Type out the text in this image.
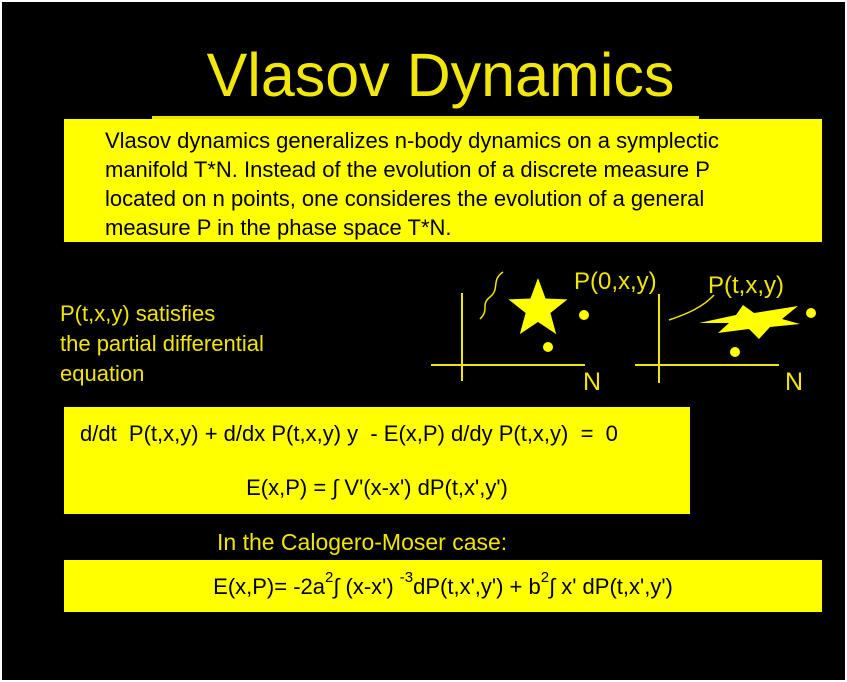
Vlasov Dynamics
Vlasov dynamics generalizes n-body dynamics on a symplectic
manifold T*N. Instead of the evolution of a discrete measure P
located on n points, one consideres the evolution of a general
measure P in the phase space T*N.
P(t,x,y) satisfies
the partial differential
equation
P(0,x,y) P(t,x,y)
N	N
d/dt  P(t,x,y) + d/dx P(t,x,y) y  - E(x,P) d/dy P(t,x,y)  =  0
E(x,P) = ∫ V'(x-x') dP(t,x',y')
In the Calogero-Moser case:
$E(x,P)= -2a^2\int$ (x-x') $^{-3}dP(t,x',y') + b^2\int$ x' dP(t,x',y')
